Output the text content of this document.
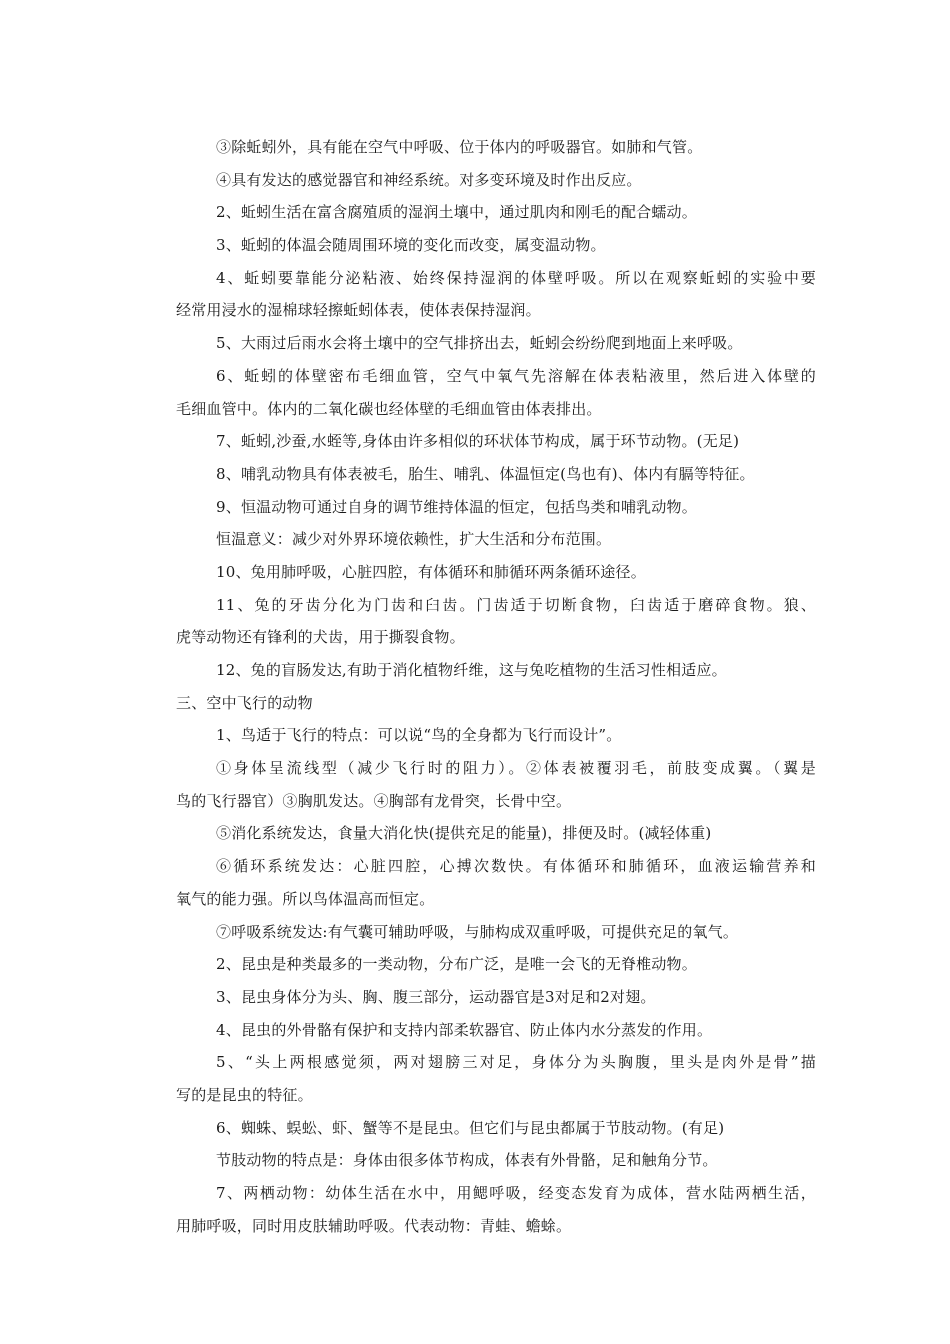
③除蚯蚓外，具有能在空气中呼吸、位于体内的呼吸器官。如肺和气管。
④具有发达的感觉器官和神经系统。对多变环境及时作出反应。
2、蚯蚓生活在富含腐殖质的湿润土壤中，通过肌肉和刚毛的配合蠕动。
3、蚯蚓的体温会随周围环境的变化而改变，属变温动物。
4、蚯蚓要靠能分泌粘液、始终保持湿润的体壁呼吸。所以在观察蚯蚓的实验中要
经常用浸水的湿棉球轻擦蚯蚓体表，使体表保持湿润。
5、大雨过后雨水会将土壤中的空气排挤出去，蚯蚓会纷纷爬到地面上来呼吸。
6、蚯蚓的体壁密布毛细血管，空气中氧气先溶解在体表粘液里，然后进入体壁的
毛细血管中。体内的二氧化碳也经体壁的毛细血管由体表排出。
7、蚯蚓,沙蚕,水蛭等,身体由许多相似的环状体节构成，属于环节动物。(无足)
8、哺乳动物具有体表被毛，胎生、哺乳、体温恒定(鸟也有)、体内有膈等特征。
9、恒温动物可通过自身的调节维持体温的恒定，包括鸟类和哺乳动物。
恒温意义：减少对外界环境依赖性，扩大生活和分布范围。
10、兔用肺呼吸，心脏四腔，有体循环和肺循环两条循环途径。
11、兔的牙齿分化为门齿和臼齿。门齿适于切断食物，臼齿适于磨碎食物。狼、
虎等动物还有锋利的犬齿，用于撕裂食物。
12、兔的盲肠发达,有助于消化植物纤维，这与兔吃植物的生活习性相适应。
三、空中飞行的动物
1、鸟适于飞行的特点：可以说“鸟的全身都为飞行而设计”。
①身体呈流线型（减少飞行时的阻力）。②体表被覆羽毛，前肢变成翼。（翼是
鸟的飞行器官）③胸肌发达。④胸部有龙骨突，长骨中空。
⑤消化系统发达，食量大消化快(提供充足的能量)，排便及时。(减轻体重)
⑥循环系统发达：心脏四腔，心搏次数快。有体循环和肺循环，血液运输营养和
氧气的能力强。所以鸟体温高而恒定。
⑦呼吸系统发达:有气囊可辅助呼吸，与肺构成双重呼吸，可提供充足的氧气。
2、昆虫是种类最多的一类动物，分布广泛，是唯一会飞的无脊椎动物。
3、昆虫身体分为头、胸、腹三部分，运动器官是3对足和2对翅。
4、昆虫的外骨骼有保护和支持内部柔软器官、防止体内水分蒸发的作用。
5、“头上两根感觉须，两对翅膀三对足，身体分为头胸腹，里头是肉外是骨”描
写的是昆虫的特征。
6、蜘蛛、蜈蚣、虾、蟹等不是昆虫。但它们与昆虫都属于节肢动物。(有足)
节肢动物的特点是：身体由很多体节构成，体表有外骨骼，足和触角分节。
7、两栖动物：幼体生活在水中，用鳃呼吸，经变态发育为成体，营水陆两栖生活，
用肺呼吸，同时用皮肤辅助呼吸。代表动物：青蛙、蟾蜍。
